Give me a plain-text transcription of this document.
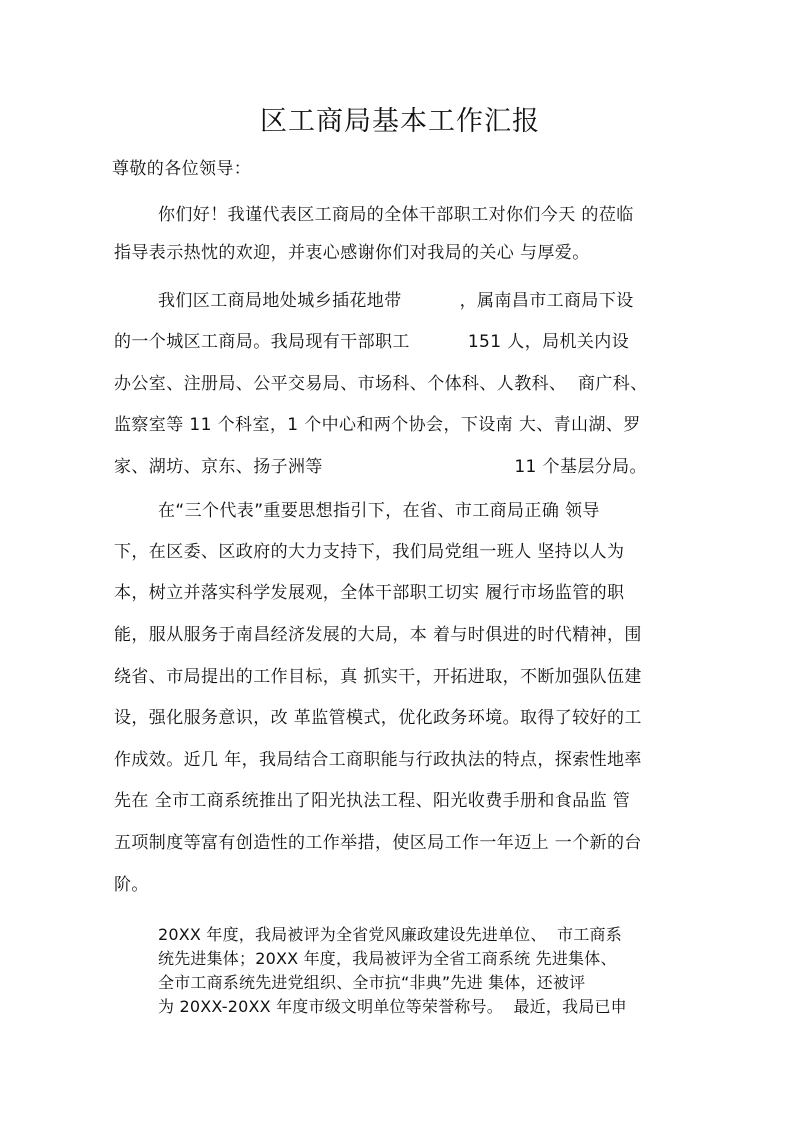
区工商局基本工作汇报
尊敬的各位领导：
你们好！我谨代表区工商局的全体干部职工对你们今天 的莅临
指导表示热忱的欢迎，并衷心感谢你们对我局的关心 与厚爱。
我们区工商局地处城乡插花地带          ，属南昌市工商局下设
的一个城区工商局。我局现有干部职工          151 人，局机关内设
办公室、注册局、公平交易局、市场科、个体科、人教科、  商广科、
监察室等 11 个科室，1 个中心和两个协会，下设南 大、青山湖、罗
家、湖坊、京东、扬子洲等                                 11 个基层分局。
在“三个代表”重要思想指引下，在省、市工商局正确 领导
下，在区委、区政府的大力支持下，我们局党组一班人 坚持以人为
本，树立并落实科学发展观，全体干部职工切实 履行市场监管的职
能，服从服务于南昌经济发展的大局，本 着与时俱进的时代精神，围
绕省、市局提出的工作目标，真 抓实干，开拓进取，不断加强队伍建
设，强化服务意识，改 革监管模式，优化政务环境。取得了较好的工
作成效。近几 年，我局结合工商职能与行政执法的特点，探索性地率
先在 全市工商系统推出了阳光执法工程、阳光收费手册和食品监 管
五项制度等富有创造性的工作举措，使区局工作一年迈上 一个新的台
阶。
20XX 年度，我局被评为全省党风廉政建设先进单位、  市工商系
统先进集体；20XX 年度，我局被评为全省工商系统 先进集体、
全市工商系统先进党组织、全市抗“非典”先进 集体，还被评
为 20XX-20XX 年度市级文明单位等荣誉称号。  最近，我局已申
